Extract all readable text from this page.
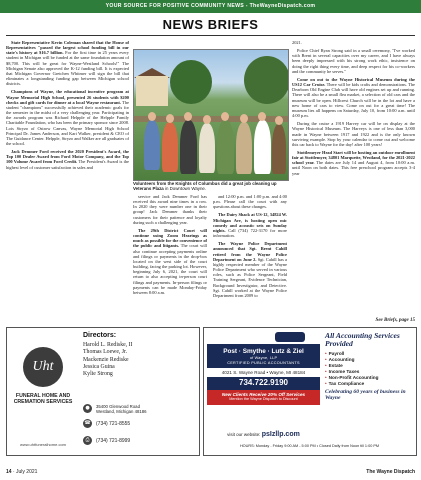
YOUR SOURCE FOR POSITIVE COMMUNITY NEWS - TheWayneDispatch.com
NEWS BRIEFS

State Representative Kevin Coleman shared that the House of Representatives "passed the largest school funding bill in our state's history at $16.7 billion. For the first time in 25 years every student in Michigan will be funded at the same foundation amount of $8,700. This will be great for Wayne-Westland Schools!" The Michigan Senate also approved the K-12 funding bill. It is expected that Michigan Governor Gretchen Whitmer will sign the bill that eliminates a longstanding funding gap between Michigan school districts.

Champions of Wayne, the educational incentive program at Wayne Memorial High School, presented 26 students with $200 checks and gift cards for dinner at a local Wayne restaurant. The student "champions" successfully achieved their academic goals for the semester in the midst of a very challenging year. Participating in the awards program was Richard Helpple of the Helpple Family Charitable Foundation, who has been the primary sponsor since 2008. Lois Stryzo of Ostrow Canvas, Wayne Memorial High School Principal Dr. James Anderson, and Kari Walker, president & CEO of The Guidance Center. Helpple, Stryzo and Walker are all graduates of the school.

Jack Demmer Ford received the 2020 President's Award, the Top 100 Dealer Award from Ford Motor Company, and the Top 100 Volume Award from Ford Credit. The President's Award is the highest level of customer satisfaction in sales and

Volunteers from the Knights of Columbus did a great job cleaning up Veterans Plaza in Downtown Wayne.

service and Jack Demmer Ford has received this award nine times in a row. In 2020 they were number one in their group! Jack Demmer thanks their customers for their patience and loyalty during such a challenging year.

The 29th District Court will continue using Zoom Hearings as much as possible for the convenience of the public and litigants. The court will also continue accepting payments online and filings or payments in the drop-box located on the west side of the court building, facing the parking lot. However, beginning July 6, 2021, the court will return to also accepting in-person court filings and payments. In-person filings or payments can be made Monday-Friday between 8:00 a.m.

and 12:00 p.m. and 1:00 p.m. and 4:00 p.m. Please call the court with any questions about these changes.

The Dairy Shack at US-12, 34824 W. Michigan Ave, is hosting open mic comedy and acoustic sets on Sunday nights. Call (734) 722-3170 for more information.

The Wayne Police Department announced that Sgt. Brent Cahill retired from the Wayne Police Department on June 2. Sgt. Cahill has a highly respected member of the Wayne Police Department who served in various roles, such as Police Sergeant, Field Training Sergeant, Evidence Technician, Background Investigator, and Detective. Sgt. Cahill worked at the Wayne Police Department from 2009 to

2021.

Police Chief Ryan Strong said in a small ceremony, "I've worked with Brent in several capacities over my career, and I have always been deeply impressed with his strong work ethic, insistence on doing the right thing every time, and deep respect for his co-workers and the community he serves."

Come on out to the Wayne Historical Museum during the US12 Car Cruise. There will be kids crafts and demonstrations. The Dearborn Old Engine Club will have old engines set up and running. There will also be a small flea market, a selection of old cars and the museum will be open. Hillcrest Church will be in the lot and have a new home of cars to view. Come on out for a great time! The museum lies all happens on Saturday, July 10, from 10:00 a.m. until 4:00 p.m.

During the cruise a 1919 Harvey car will be on display at the Wayne Historical Museum. The Harveys is one of less than 3,000 made in Wayne between 1917 and 1922 and is the only known surviving example. Stop by your calendar to come out and welcome this car back to Wayne for the day! after 100 years!

Stottlemeyer Head Start will be hosting an outdoor enrollment fair at Stottlemyer, 34801 Marquette, Westland, for the 2021-2022 school year. The dates are July 14 and August 4, from 10:00 a.m. until Noon on both dates. This free preschool program accepts 3-4 year

See Briefs, page 15
Uht
FUNERAL HOME AND CREMATION SERVICES
www.uhtfuneralhome.com
Directors:
Harold L. Rediske, II
Thomas Loewe, Jr.
Mackenzie Rediske
Jessica Guina
Kylie Strong
●	35400 Glenwood Road
Westland, Michigan 48186
☎ (734) 721-8555
⎙	(734) 721-8999
Post · Smythe · Lutz & Ziel
of Wayne, LLP
CERTIFIED PUBLIC ACCOUNTANTS
4021 S. Wayne Road • Wayne, MI 48184
734.722.9190
New Clients Receive 20% Off Services
Mention the Wayne Dispatch to Discount
visit our website: psIzllp.com
HOURS: Monday - Friday 9:00 AM - 5:00 PM • Closed Daily from Noon till 1:00 PM
All Accounting Services Provided
• Payroll
• Accounting
• Estate
• Income Taxes
• Non-Profit Accounting
• Tax Compliance
Celebrating 60 years of business in Wayne
14 · July 2021	The Wayne Dispatch
